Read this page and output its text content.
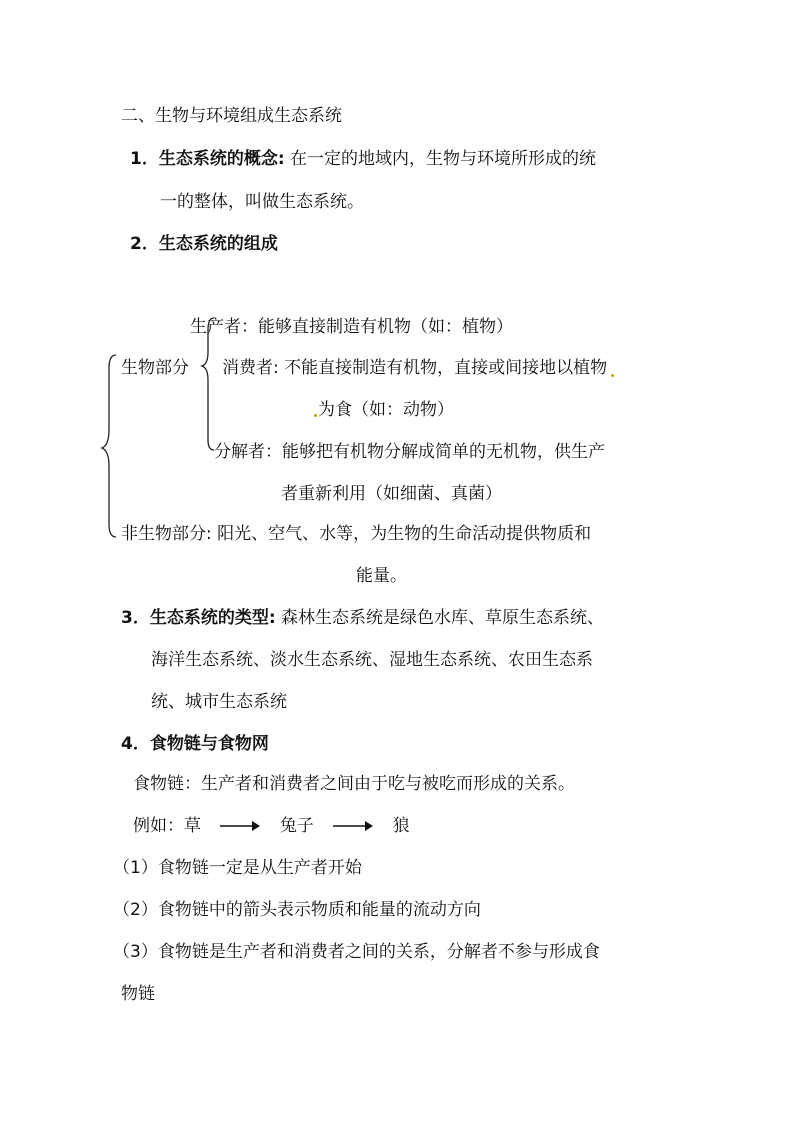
二、生物与环境组成生态系统
1．生态系统的概念: 在一定的地域内，生物与环境所形成的统
一的整体，叫做生态系统。
2．生态系统的组成
生产者：能够直接制造有机物（如：植物）
生物部分 消费者: 不能直接制造有机物，直接或间接地以植物
为食（如：动物）
分解者：能够把有机物分解成简单的无机物，供生产
者重新利用（如细菌、真菌）
非生物部分: 阳光、空气、水等，为生物的生命活动提供物质和
能量。
3．生态系统的类型: 森林生态系统是绿色水库、草原生态系统、
海洋生态系统、淡水生态系统、湿地生态系统、农田生态系
统、城市生态系统
4．食物链与食物网
食物链：生产者和消费者之间由于吃与被吃而形成的关系。
例如：草	兔子	狼
（1）食物链一定是从生产者开始
（2）食物链中的箭头表示物质和能量的流动方向
（3）食物链是生产者和消费者之间的关系，分解者不参与形成食
物链
